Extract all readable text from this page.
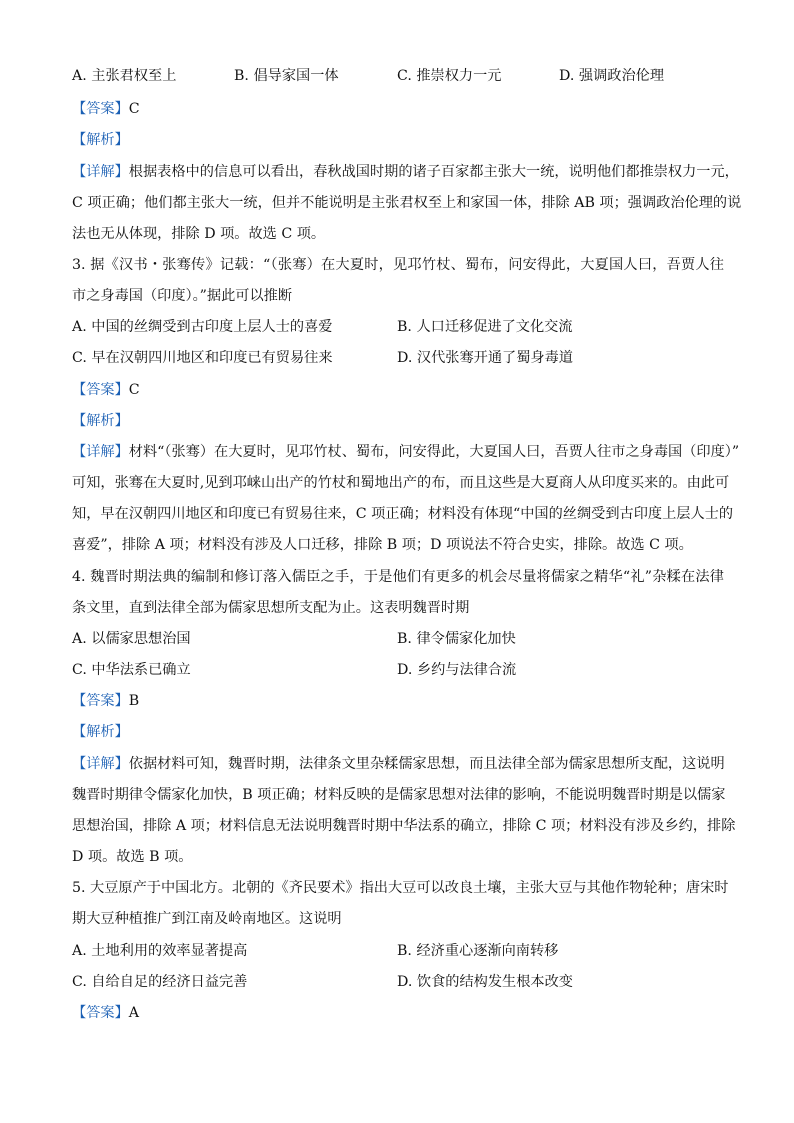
A. 主张君权至上	B. 倡导家国一体	C. 推崇权力一元	D. 强调政治伦理
【答案】C
【解析】
【详解】根据表格中的信息可以看出，春秋战国时期的诸子百家都主张大一统，说明他们都推崇权力一元，
C 项正确；他们都主张大一统，但并不能说明是主张君权至上和家国一体，排除 AB 项；强调政治伦理的说
法也无从体现，排除 D 项。故选 C 项。
3. 据《汉书・张骞传》记载：“（张骞）在大夏时，见邛竹杖、蜀布，问安得此，大夏国人曰，吾贾人往
市之身毒国（印度）。”据此可以推断
A. 中国的丝绸受到古印度上层人士的喜爱	B. 人口迁移促进了文化交流
C. 早在汉朝四川地区和印度已有贸易往来	D. 汉代张骞开通了蜀身毒道
【答案】C
【解析】
【详解】材料“（张骞）在大夏时，见邛竹杖、蜀布，问安得此，大夏国人曰，吾贾人往市之身毒国（印度）”
可知，张骞在大夏时,见到邛崃山出产的竹杖和蜀地出产的布，而且这些是大夏商人从印度买来的。由此可
知，早在汉朝四川地区和印度已有贸易往来，C 项正确；材料没有体现“中国的丝绸受到古印度上层人士的
喜爱”，排除 A 项；材料没有涉及人口迁移，排除 B 项；D 项说法不符合史实，排除。故选 C 项。
4. 魏晋时期法典的编制和修订落入儒臣之手，于是他们有更多的机会尽量将儒家之精华“礼”杂糅在法律
条文里，直到法律全部为儒家思想所支配为止。这表明魏晋时期
A. 以儒家思想治国	B. 律令儒家化加快
C. 中华法系已确立	D. 乡约与法律合流
【答案】B
【解析】
【详解】依据材料可知，魏晋时期，法律条文里杂糅儒家思想，而且法律全部为儒家思想所支配，这说明
魏晋时期律令儒家化加快，B 项正确；材料反映的是儒家思想对法律的影响，不能说明魏晋时期是以儒家
思想治国，排除 A 项；材料信息无法说明魏晋时期中华法系的确立，排除 C 项；材料没有涉及乡约，排除
D 项。故选 B 项。
5. 大豆原产于中国北方。北朝的《齐民要术》指出大豆可以改良土壤，主张大豆与其他作物轮种；唐宋时
期大豆种植推广到江南及岭南地区。这说明
A. 土地利用的效率显著提高	B. 经济重心逐渐向南转移
C. 自给自足的经济日益完善	D. 饮食的结构发生根本改变
【答案】A
